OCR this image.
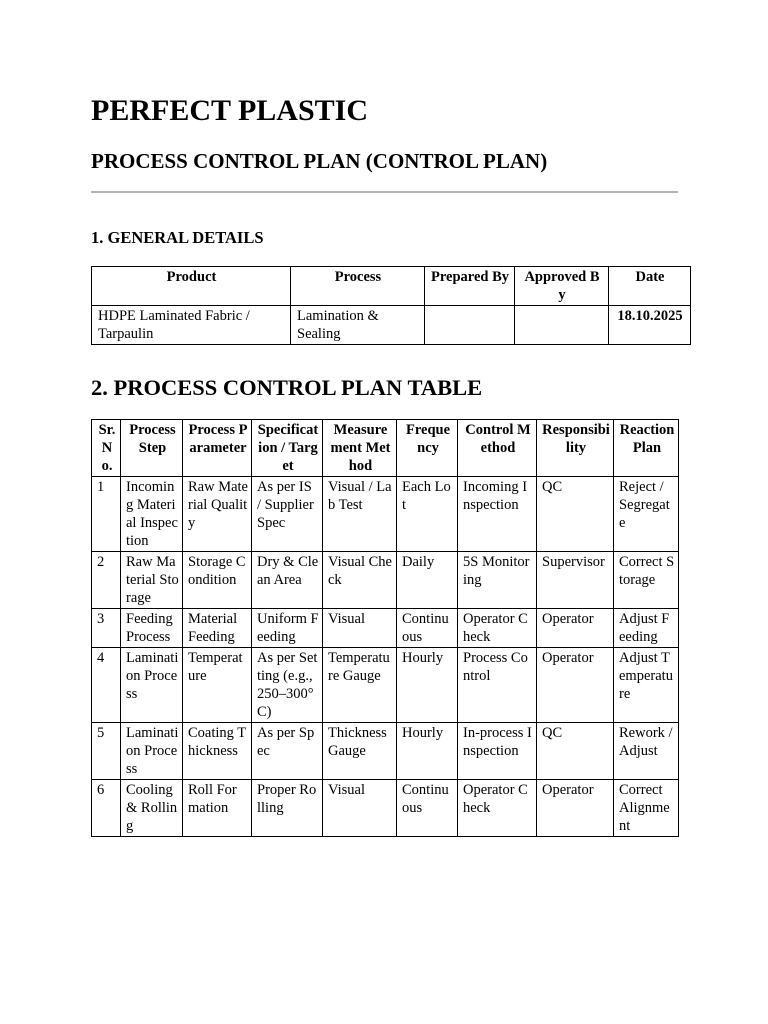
PERFECT PLASTIC
PROCESS CONTROL PLAN (CONTROL PLAN)
1. GENERAL DETAILS
Product	Process	Prepared By	Approved By	Date
HDPE Laminated Fabric / Tarpaulin	Lamination & Sealing			18.10.2025
2. PROCESS CONTROL PLAN TABLE
Sr. No.	Process Step	Process Parameter	Specification / Target	Measurement Method	Frequency	Control Method	Responsibility	Reaction Plan
1	Incoming Material Inspection	Raw Material Quality	As per IS / Supplier Spec	Visual / Lab Test	Each Lot	Incoming Inspection	QC	Reject / Segregate
2	Raw Material Storage	Storage Condition	Dry & Clean Area	Visual Check	Daily	5S Monitoring	Supervisor	Correct Storage
3	Feeding Process	Material Feeding	Uniform Feeding	Visual	Continuous	Operator Check	Operator	Adjust Feeding
4	Lamination Process	Temperature	As per Setting (e.g., 250–300°C)	Temperature Gauge	Hourly	Process Control	Operator	Adjust Temperature
5	Lamination Process	Coating Thickness	As per Spec	Thickness Gauge	Hourly	In-process Inspection	QC	Rework / Adjust
6	Cooling & Rolling	Roll Formation	Proper Rolling	Visual	Continuous	Operator Check	Operator	Correct Alignment
